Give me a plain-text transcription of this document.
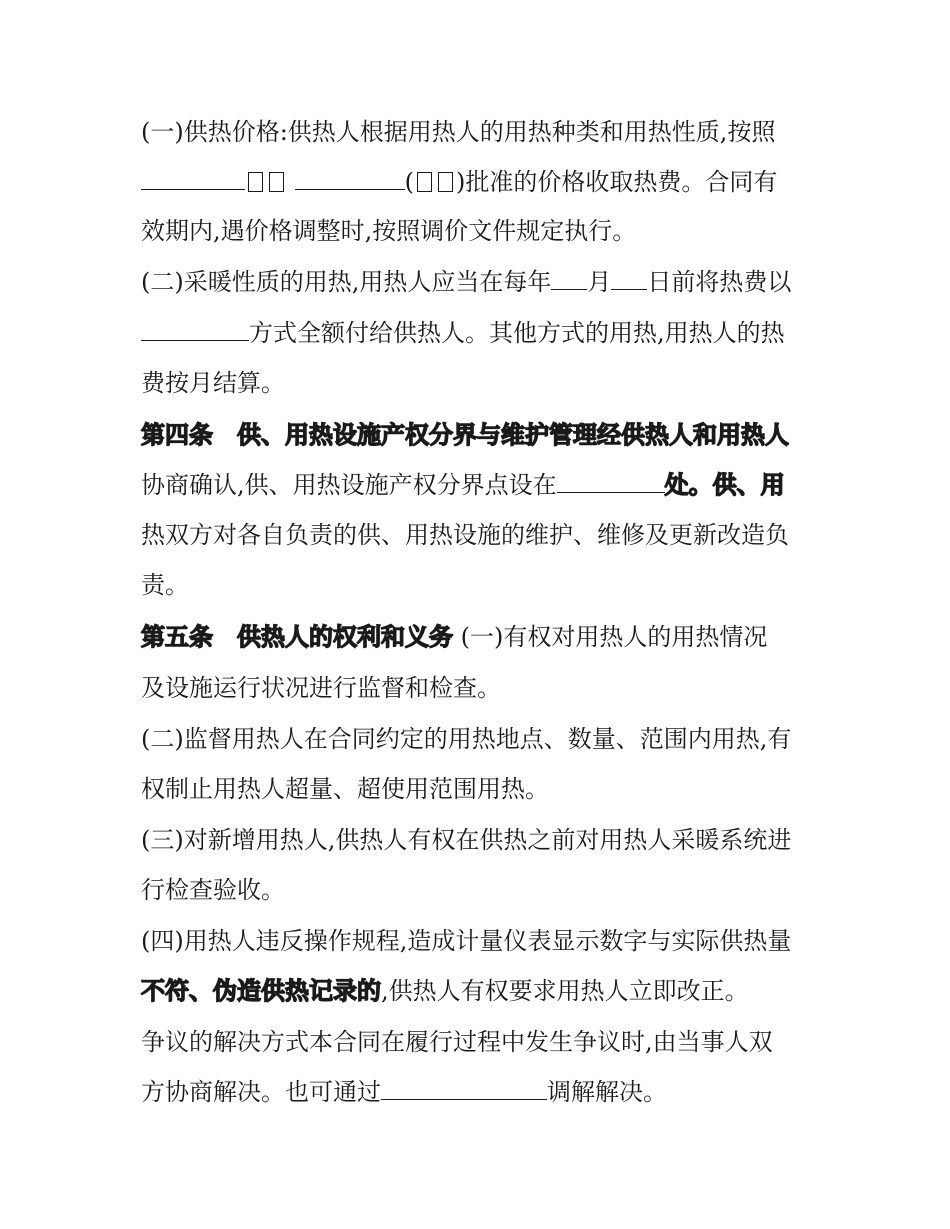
(一)供热价格:供热人根据用热人的用热种类和用热性质,按照
( )批准的价格收取热费。合同有
效期内,遇价格调整时,按照调价文件规定执行。
(二)采暖性质的用热,用热人应当在每年 月 日前将热费以
方式全额付给供热人。其他方式的用热,用热人的热
费按月结算。
第四条　供、用热设施产权分界与维护管理经供热人和用热人
协商确认,供、用热设施产权分界点设在	处。供、用
热双方对各自负责的供、用热设施的维护、维修及更新改造负
责。
第五条　供热人的权利和义务 (一)有权对用热人的用热情况
及设施运行状况进行监督和检查。
(二)监督用热人在合同约定的用热地点、数量、范围内用热,有
权制止用热人超量、超使用范围用热。
(三)对新增用热人,供热人有权在供热之前对用热人采暖系统进
行检查验收。
(四)用热人违反操作规程,造成计量仪表显示数字与实际供热量
不符、伪造供热记录的,供热人有权要求用热人立即改正。
争议的解决方式本合同在履行过程中发生争议时,由当事人双
方协商解决。也可通过	调解解决。
